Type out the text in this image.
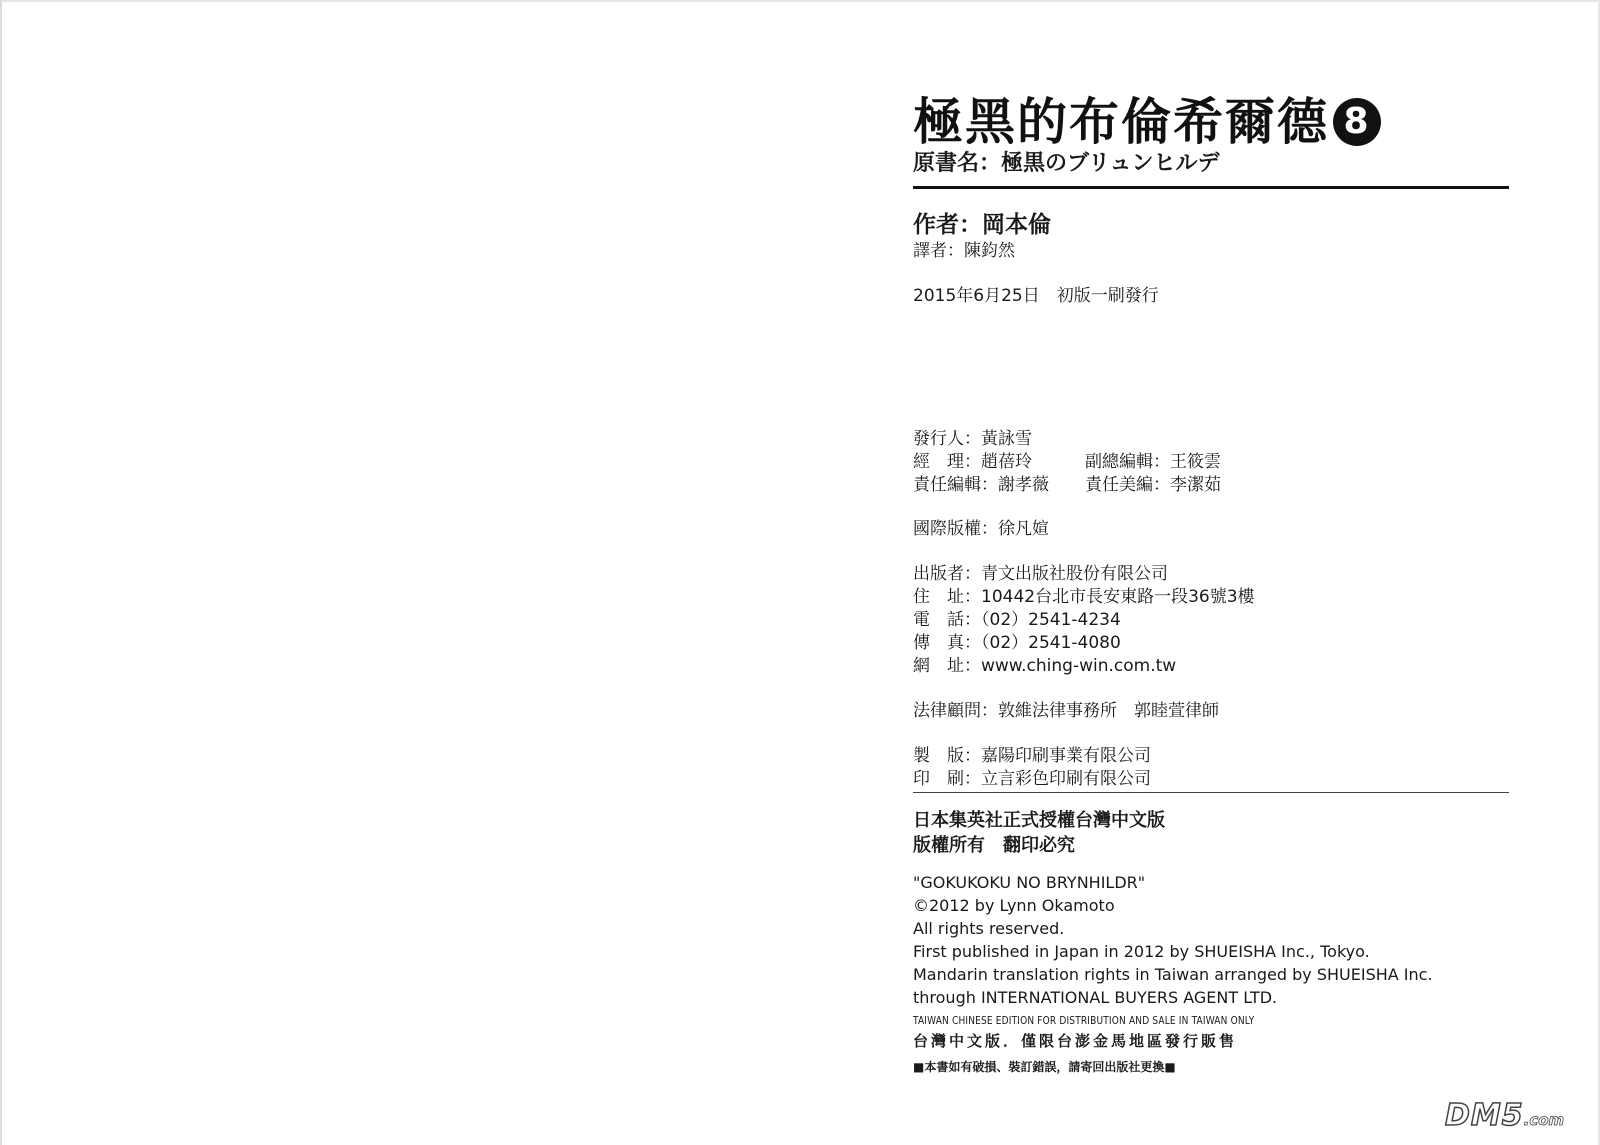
極黑的布倫希爾德 8
原書名：極黒のブリュンヒルデ
作者：岡本倫
譯者：陳鈞然
2015年6月25日　初版一刷發行
發行人：黃詠雪
經　理：趙蓓玲	副總編輯：王筱雲
責任編輯：謝孝薇 責任美編：李潔茹
國際版權：徐凡媗
出版者：青文出版社股份有限公司
住　址：10442台北市長安東路一段36號3樓
電　話：（02）2541-4234
傳　真：（02）2541-4080
網　址：www.ching-win.com.tw
法律顧問：敦維法律事務所　郭睦萱律師
製　版：嘉陽印刷事業有限公司
印　刷：立言彩色印刷有限公司
日本集英社正式授權台灣中文版
版權所有　翻印必究
"GOKUKOKU NO BRYNHILDR"
©2012 by Lynn Okamoto
All rights reserved.
First published in Japan in 2012 by SHUEISHA Inc., Tokyo.
Mandarin translation rights in Taiwan arranged by SHUEISHA Inc.
through INTERNATIONAL BUYERS AGENT LTD.
TAIWAN CHINESE EDITION FOR DISTRIBUTION AND SALE IN TAIWAN ONLY
台灣中文版．僅限台澎金馬地區發行販售
■本書如有破損、裝訂錯誤，請寄回出版社更換■
DM5.com
